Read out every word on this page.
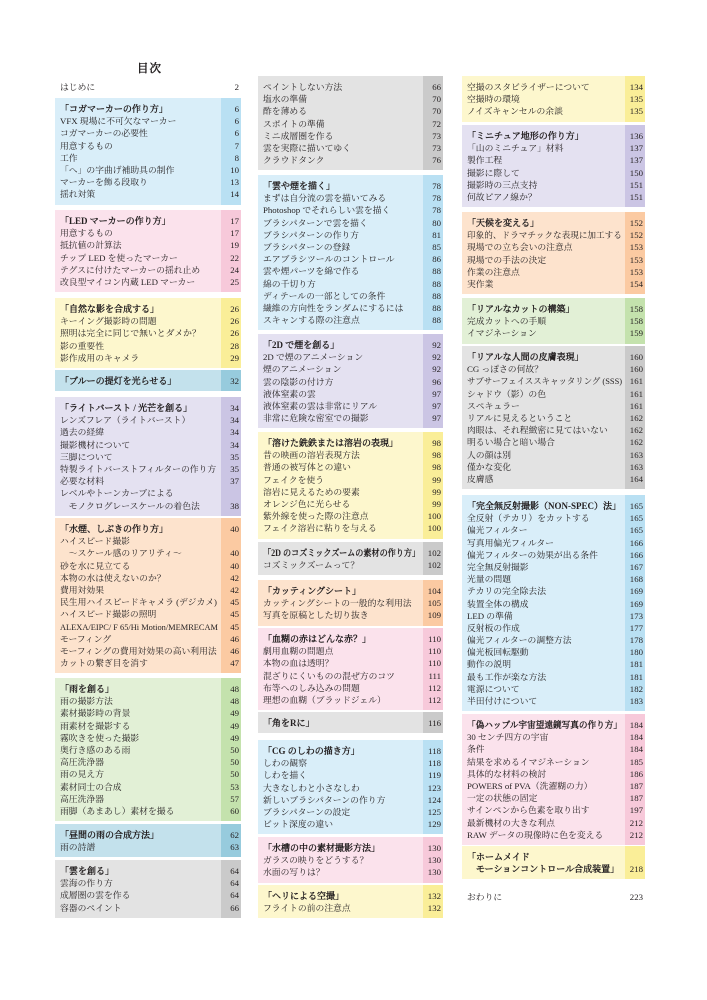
目次
はじめに	2
「コガマーカーの作り方」	6
VFX 現場に不可欠なマーカー	6
コガマーカーの必要性	6
用意するもの	7
工作	8
「へ」の字曲げ補助具の制作	10
マーカーを飾る段取り	13
揺れ対策	14
「LED マーカーの作り方」	17
用意するもの	17
抵抗値の計算法	19
チップ LED を使ったマーカー	22
テグスに付けたマーカーの揺れ止め	24
改良型マイコン内蔵 LED マーカー	25
「自然な影を合成する」	26
キーイング撮影時の問題	26
照明は完全に同じで無いとダメか？	26
影の重要性	28
影作成用のキャメラ	29
「ブルーの提灯を光らせる」	32
「ライトバースト / 光芒を創る」	34
レンズフレア（ライトバースト）	34
過去の経緯	34
撮影機材について	34
三脚について	35
特製ライトバーストフィルターの作り方 35
必要な材料	37
レベルやトーンカーブによる
　モノクログレースケールの着色法	38
「水煙、しぶきの作り方」	40
ハイスピード撮影
　～スケール感のリアリティ～	40
砂を水に見立てる	40
本物の水は使えないのか？	42
費用対効果	42
民生用ハイスピードキャメラ (デジカメ) 45
ハイスピード撮影の照明	45
ALEXA/EIPC/ F 65/Hi Motion/MEMRECAM 45
モーフィング	46
モーフィングの費用対効果の高い利用法 46
カットの繋ぎ目を消す	47
「雨を創る」	48
雨の撮影方法	48
素材撮影時の背景	49
雨素材を撮影する	49
霧吹きを使った撮影	49
奥行き感のある雨	50
高圧洗浄器	50
雨の見え方	50
素材同士の合成	53
高圧洗浄器	57
雨脚（あまあし）素材を撮る	60
「昼間の雨の合成方法」	62
雨の詩譜	63
「雲を創る」	64
雲海の作り方	64
成層圏の雲を作る	64
容器のペイント	66
ペイントしない方法	66
塩水の準備	70
酢を薄める	70
スポイトの準備	72
ミニ成層圏を作る	73
雲を実際に描いてゆく	73
クラウドタンク	76
「雲や煙を描く」	78
まずは自分流の雲を描いてみる	78
Photoshop でそれらしい雲を描く	78
ブラシパターンで雲を描く	80
ブラシパターンの作り方	81
ブラシパターンの登録	85
エアブラシツールのコントロール	86
雲や煙パーツを綿で作る	88
綿の千切り方	88
ディテールの一部としての条件	88
繊維の方向性をランダムにするには	88
スキャンする際の注意点	88
「2D で煙を創る」	92
2D で煙のアニメーション	92
煙のアニメーション	92
雲の陰影の付け方	96
液体窒素の雲	97
液体窒素の雲は非常にリアル	97
非常に危険な密室での撮影	97
「溶けた銑鉄または溶岩の表現」	98
昔の映画の溶岩表現方法	98
普通の被写体との違い	98
フェイクを使う	99
溶岩に見えるための要素	99
オレンジ色に光らせる	99
紫外線を使った際の注意点	100
フェイク溶岩に粘りを与える	100
「2D のコズミックズームの素材の作り方」 102
コズミックズームって？	102
「カッティングシート」	104
カッティングシートの一般的な利用法 105
写真を原稿とした切り抜き	109
「血糊の赤はどんな赤？」	110
劇用血糊の問題点	110
本物の血は透明？	110
混ざりにくいものの混ぜ方のコツ	111
布等へのしみ込みの問題	112
理想の血糊（ブラッドジェル）	112
「角をRに」	116
「CG のしわの描き方」	118
しわの観察	118
しわを描く	119
大きなしわと小さなしわ	123
新しいブラシパターンの作り方	124
ブラシパターンの設定	125
ビット深度の違い	129
「水槽の中の素材撮影方法」	130
ガラスの映りをどうする？	130
水面の写りは？	130
「ヘリによる空撮」	132
フライトの前の注意点	132
空撮のスタビライザーについて	134
空撮時の環境	135
ノイズキャンセルの余談	135
「ミニチュア地形の作り方」	136
「山のミニチュア」材料	137
製作工程	137
撮影に際して	150
撮影時の三点支持	151
何故ピアノ線か？	151
「天候を変える」	152
印象的、ドラマチックな表現に加工する 152
現場での立ち会いの注意点	153
現場での手法の決定	153
作業の注意点	153
実作業	154
「リアルなカットの構築」	158
完成カットへの手順	158
イマジネーション	159
「リアルな人間の皮膚表現」	160
CG っぽさの何故？	160
サブサーフェイススキャッタリング (SSS) 161
シャドウ（影）の色	161
スペキュラー	161
リアルに見えるということ	162
肉眼は、それ程緻密に見てはいない	162
明るい場合と暗い場合	162
人の顔は別	163
僅かな変化	163
皮膚感	164
「完全無反射撮影（NON-SPEC）法」 165
全反射（テカリ）をカットする	165
偏光フィルター	165
写真用偏光フィルター	166
偏光フィルターの効果が出る条件	166
完全無反射撮影	167
光量の問題	168
テカリの完全除去法	169
装置全体の構成	169
LED の準備	173
反射板の作成	177
偏光フィルターの調整方法	178
偏光板回転駆動	180
動作の説明	181
最も工作が楽な方法	181
電源について	182
半田付けについて	183
「偽ハッブル宇宙望遠鏡写真の作り方」 184
30 センチ四方の宇宙	184
条件	184
結果を求めるイマジネーション	185
具体的な材料の検討	186
POWERS of PVA（洗濯糊の力）	187
一定の状態の固定	187
サインペンから色素を取り出す	197
最新機材の大きな利点	212
RAW データの現像時に色を変える	212
「ホームメイド
　モーションコントロール合成装置」 218
おわりに	223
